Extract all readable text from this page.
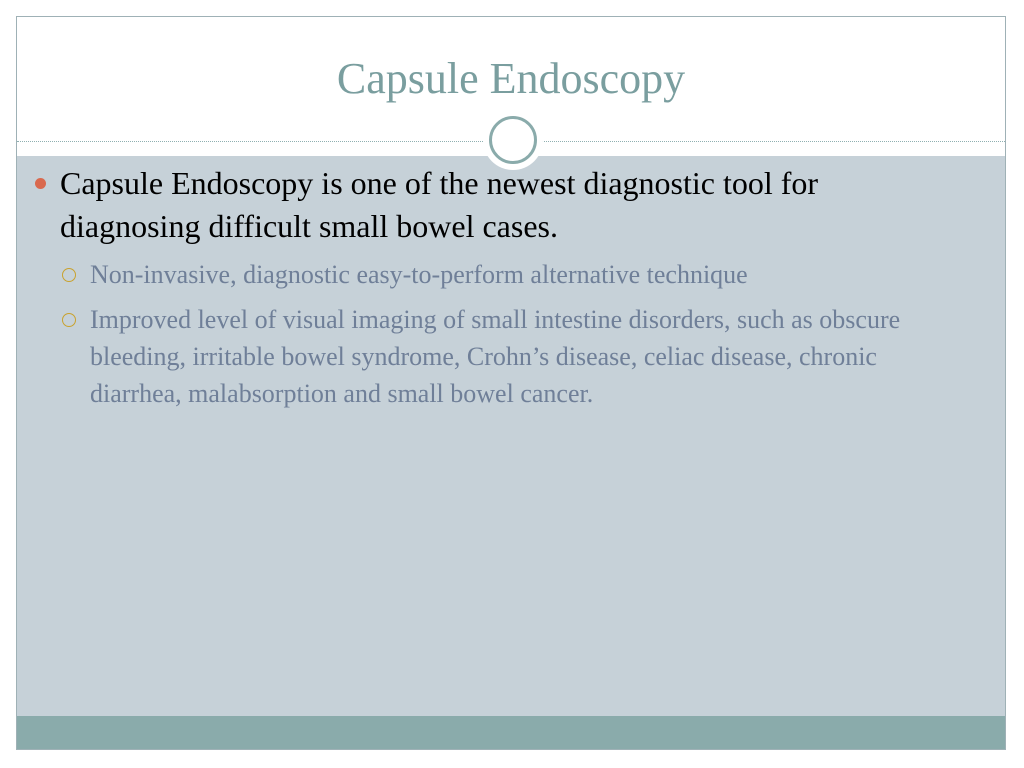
Capsule Endoscopy
Capsule Endoscopy is one of the newest diagnostic tool for diagnosing difficult small bowel cases.
Non-invasive, diagnostic easy-to-perform alternative technique
Improved level of visual imaging of small intestine disorders, such as obscure bleeding, irritable bowel syndrome, Crohn’s disease, celiac disease, chronic diarrhea, malabsorption and small bowel cancer.
